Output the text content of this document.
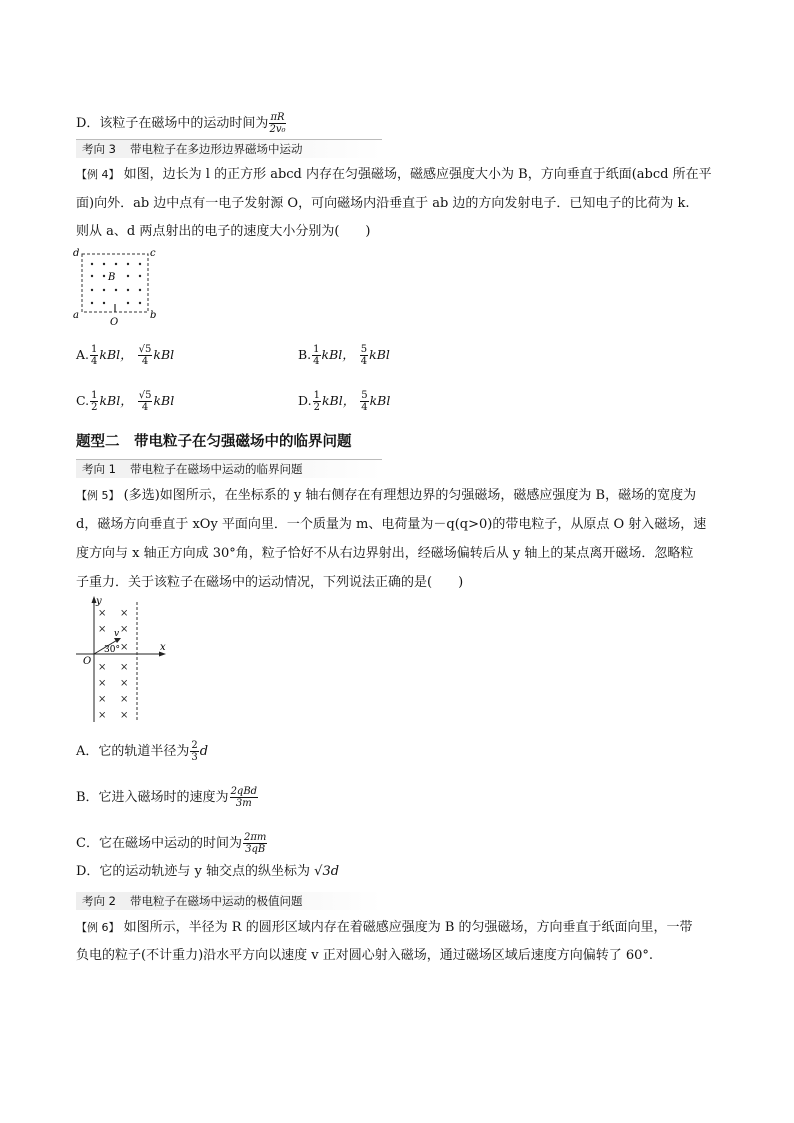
D．该粒子在磁场中的运动时间为 $\frac{\pi R}{\text{2v₀}}$
考向 3 带电粒子在多边形边界磁场中运动
【例 4】 如图，边长为 l 的正方形 abcd 内存在匀强磁场，磁感应强度大小为 B，方向垂直于纸面(abcd 所在平
面)向外．ab 边中点有一电子发射源 O，可向磁场内沿垂直于 ab 边的方向发射电子．已知电子的比荷为 k.
则从 a、d 两点射出的电子的速度大小分别为(　　)
d	c
a	b
B
O
A. $\frac{1}{4}$ kBl， $\frac{√5}{4}$ kBl	B. $\frac{1}{4}$ kBl， $\frac{5}{4}$ kBl
C. $\frac{1}{2}$ kBl， $\frac{√5}{4}$ kBl	D. $\frac{1}{2}$ kBl， $\frac{5}{4}$ kBl
题型二　带电粒子在匀强磁场中的临界问题
考向 1 带电粒子在磁场中运动的临界问题
【例 5】 (多选)如图所示，在坐标系的 y 轴右侧存在有理想边界的匀强磁场，磁感应强度为 B，磁场的宽度为
d，磁场方向垂直于 xOy 平面向里．一个质量为 m、电荷量为－q(q>0)的带电粒子，从原点 O 射入磁场，速
度方向与 x 轴正方向成 30°角，粒子恰好不从右边界射出，经磁场偏转后从 y 轴上的某点离开磁场．忽略粒
子重力．关于该粒子在磁场中的运动情况，下列说法正确的是(　　)
× ×
× ×
×
× ×
× ×
× ×
× ×
y
x
O
v
30°
A．它的轨道半径为 $\frac{2}{3}$ d
B．它进入磁场时的速度为 $\frac{\text{2qBd}}{3m}$
C．它在磁场中运动的时间为 $\frac{2\pi m}{3qB}$
D．它的运动轨迹与 y 轴交点的纵坐标为 √3d
考向 2 带电粒子在磁场中运动的极值问题
【例 6】 如图所示，半径为 R 的圆形区域内存在着磁感应强度为 B 的匀强磁场，方向垂直于纸面向里，一带
负电的粒子(不计重力)沿水平方向以速度 v 正对圆心射入磁场，通过磁场区域后速度方向偏转了 60°.
